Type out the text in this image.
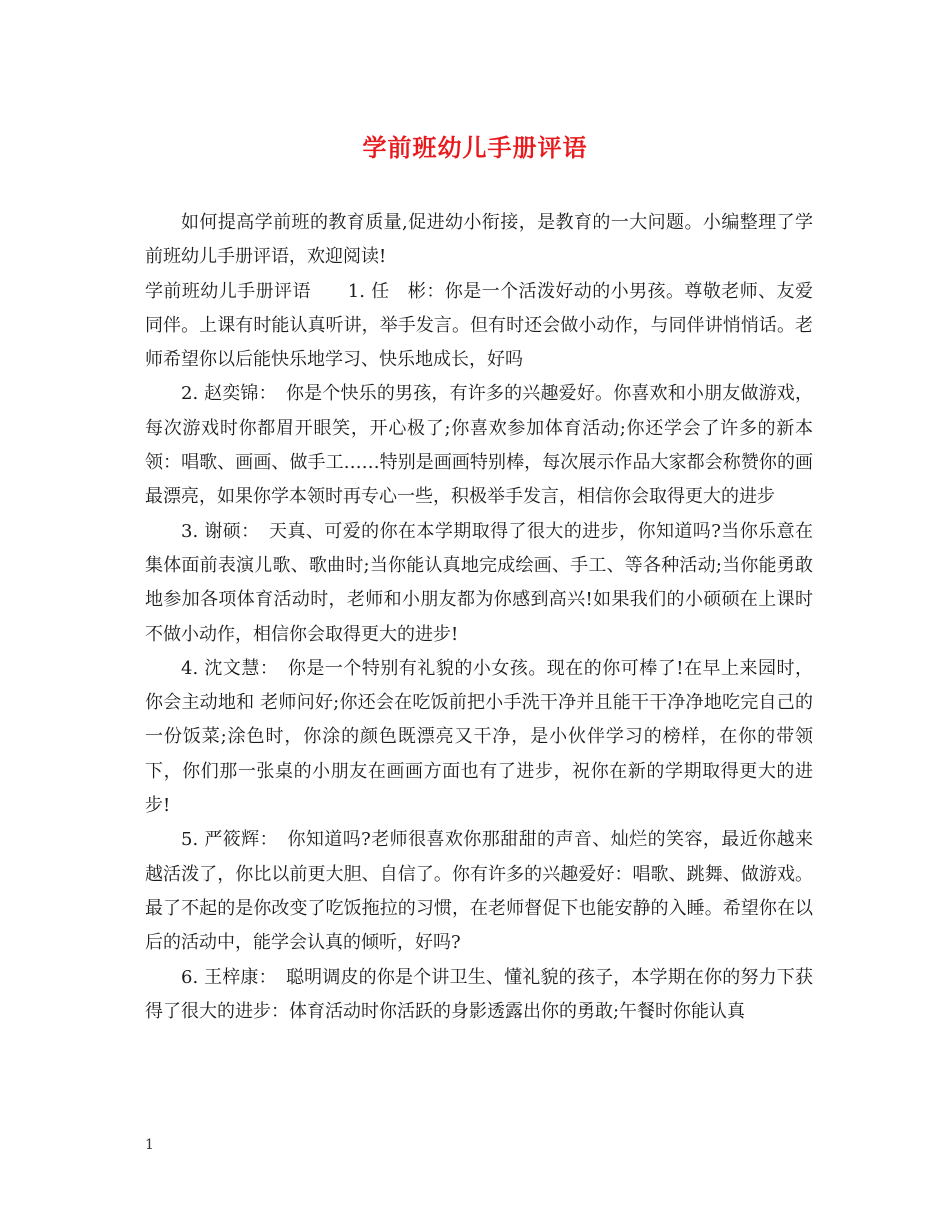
学前班幼儿手册评语

如何提高学前班的教育质量,促进幼小衔接，是教育的一大问题。小编整理了学前班幼儿手册评语，欢迎阅读!

学前班幼儿手册评语　　1. 任　彬：你是一个活泼好动的小男孩。尊敬老师、友爱同伴。上课有时能认真听讲，举手发言。但有时还会做小动作，与同伴讲悄悄话。老师希望你以后能快乐地学习、快乐地成长，好吗

2. 赵奕锦：　你是个快乐的男孩，有许多的兴趣爱好。你喜欢和小朋友做游戏，每次游戏时你都眉开眼笑，开心极了;你喜欢参加体育活动;你还学会了许多的新本领：唱歌、画画、做手工……特别是画画特别棒，每次展示作品大家都会称赞你的画最漂亮，如果你学本领时再专心一些，积极举手发言，相信你会取得更大的进步

3. 谢硕：　天真、可爱的你在本学期取得了很大的进步，你知道吗?当你乐意在集体面前表演儿歌、歌曲时;当你能认真地完成绘画、手工、等各种活动;当你能勇敢地参加各项体育活动时，老师和小朋友都为你感到高兴!如果我们的小硕硕在上课时不做小动作，相信你会取得更大的进步!

4. 沈文慧：　你是一个特别有礼貌的小女孩。现在的你可棒了!在早上来园时，你会主动地和 老师问好;你还会在吃饭前把小手洗干净并且能干干净净地吃完自己的一份饭菜;涂色时，你涂的颜色既漂亮又干净，是小伙伴学习的榜样，在你的带领下，你们那一张桌的小朋友在画画方面也有了进步，祝你在新的学期取得更大的进步!

5. 严筱辉：　你知道吗?老师很喜欢你那甜甜的声音、灿烂的笑容，最近你越来越活泼了，你比以前更大胆、自信了。你有许多的兴趣爱好：唱歌、跳舞、做游戏。最了不起的是你改变了吃饭拖拉的习惯，在老师督促下也能安静的入睡。希望你在以后的活动中，能学会认真的倾听，好吗?

6. 王梓康：　聪明调皮的你是个讲卫生、懂礼貌的孩子，本学期在你的努力下获得了很大的进步：体育活动时你活跃的身影透露出你的勇敢;午餐时你能认真

1
